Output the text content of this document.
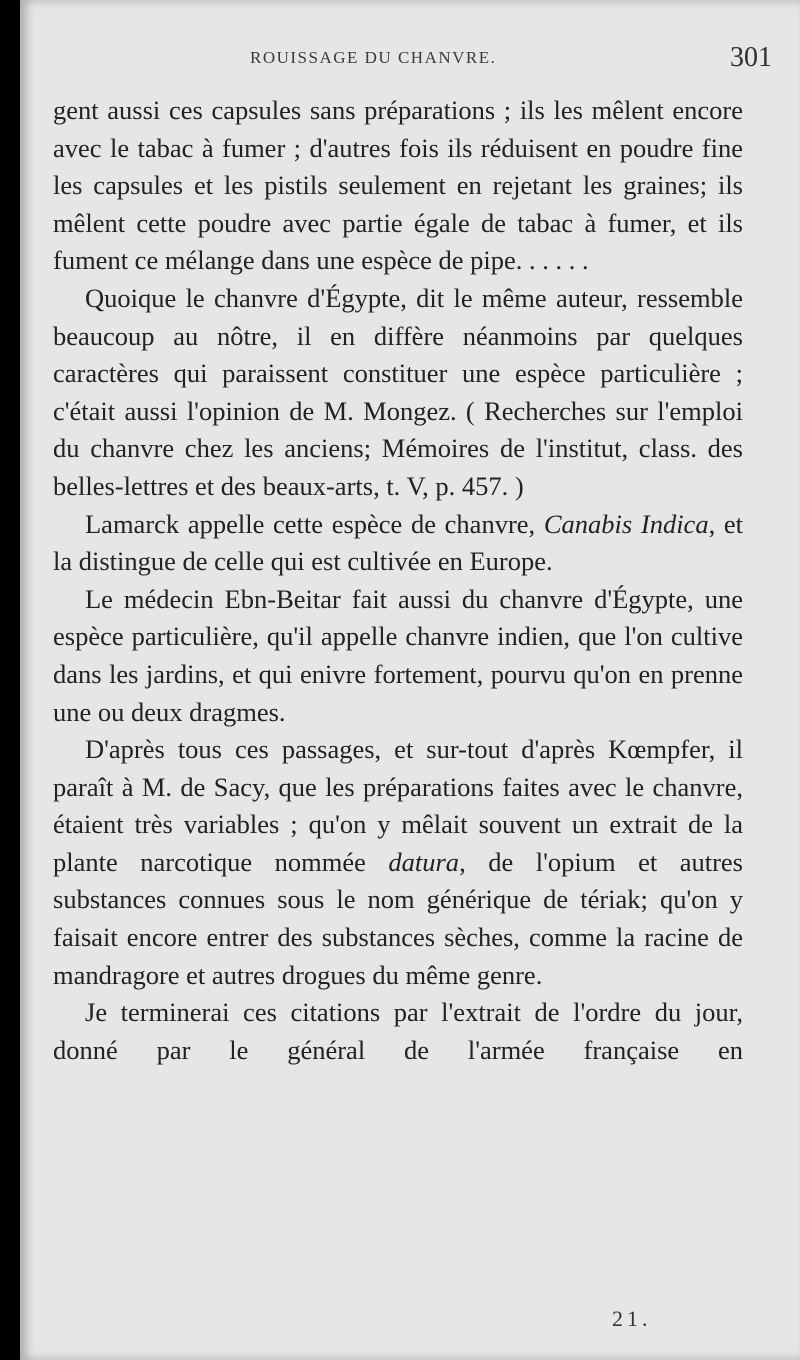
ROUISSAGE DU CHANVRE.	301

gent aussi ces capsules sans préparations ; ils les mêlent encore avec le tabac à fumer ; d'autres fois ils réduisent en poudre fine les capsules et les pistils seulement en rejetant les graines; ils mêlent cette poudre avec partie égale de tabac à fumer, et ils fument ce mélange dans une espèce de pipe. . . . . .

Quoique le chanvre d'Égypte, dit le même auteur, ressemble beaucoup au nôtre, il en diffère néanmoins par quelques caractères qui paraissent constituer une espèce particulière ; c'était aussi l'opinion de M. Mongez. ( Recherches sur l'emploi du chanvre chez les anciens; Mémoires de l'institut, class. des belles-lettres et des beaux-arts, t. V, p. 457. )

Lamarck appelle cette espèce de chanvre, Canabis Indica, et la distingue de celle qui est cultivée en Europe.

Le médecin Ebn-Beitar fait aussi du chanvre d'Égypte, une espèce particulière, qu'il appelle chanvre indien, que l'on cultive dans les jardins, et qui enivre fortement, pourvu qu'on en prenne une ou deux dragmes.

D'après tous ces passages, et sur-tout d'après Kœmpfer, il paraît à M. de Sacy, que les préparations faites avec le chanvre, étaient très variables ; qu'on y mêlait souvent un extrait de la plante narcotique nommée datura, de l'opium et autres substances connues sous le nom générique de tériak; qu'on y faisait encore entrer des substances sèches, comme la racine de mandragore et autres drogues du même genre.

Je terminerai ces citations par l'extrait de l'ordre du jour, donné par le général de l'armée française en

21.
